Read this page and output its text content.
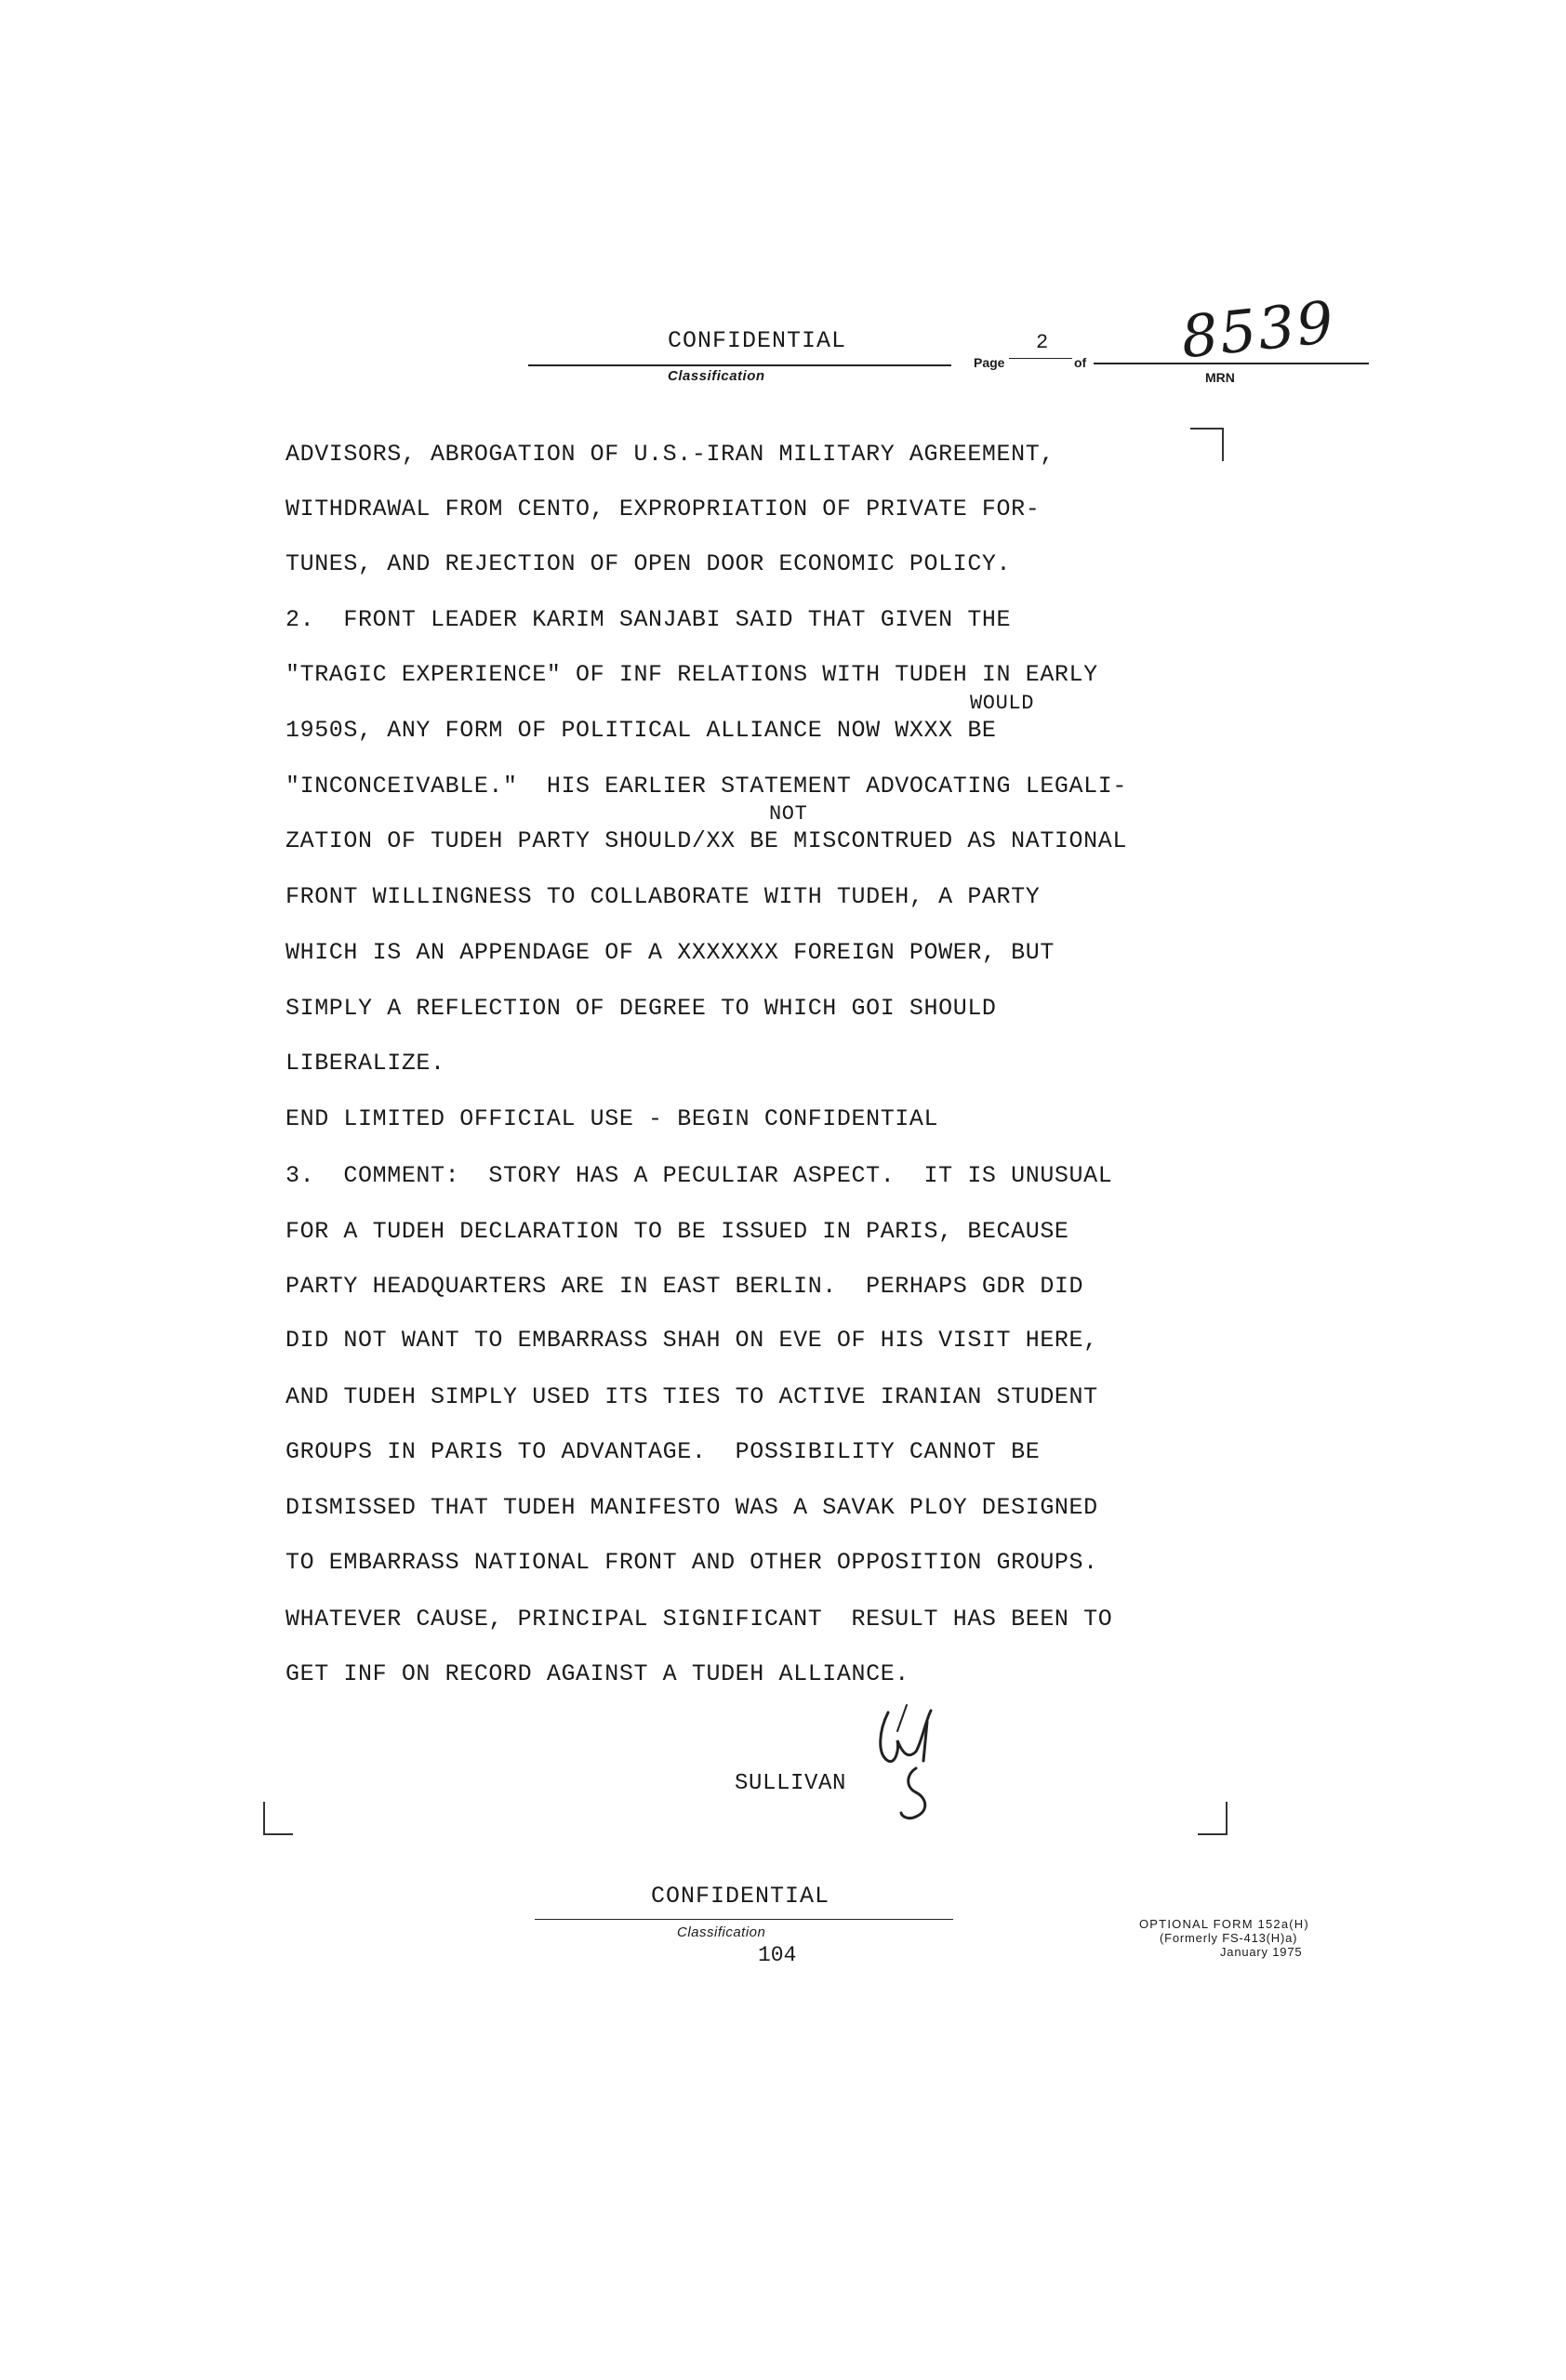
CONFIDENTIAL
Classification
Page
2
of 8539
MRN
ADVISORS, ABROGATION OF U.S.-IRAN MILITARY AGREEMENT,
WITHDRAWAL FROM CENTO, EXPROPRIATION OF PRIVATE FOR-
TUNES, AND REJECTION OF OPEN DOOR ECONOMIC POLICY.
2.  FRONT LEADER KARIM SANJABI SAID THAT GIVEN THE
"TRAGIC EXPERIENCE" OF INF RELATIONS WITH TUDEH IN EARLY
WOULD
1950S, ANY FORM OF POLITICAL ALLIANCE NOW WXXX BE
"INCONCEIVABLE."  HIS EARLIER STATEMENT ADVOCATING LEGALI-
NOT
ZATION OF TUDEH PARTY SHOULD/XX BE MISCONTRUED AS NATIONAL
FRONT WILLINGNESS TO COLLABORATE WITH TUDEH, A PARTY
WHICH IS AN APPENDAGE OF A XXXXXXX FOREIGN POWER, BUT
SIMPLY A REFLECTION OF DEGREE TO WHICH GOI SHOULD
LIBERALIZE.
END LIMITED OFFICIAL USE - BEGIN CONFIDENTIAL
3.  COMMENT:  STORY HAS A PECULIAR ASPECT.  IT IS UNUSUAL
FOR A TUDEH DECLARATION TO BE ISSUED IN PARIS, BECAUSE
PARTY HEADQUARTERS ARE IN EAST BERLIN.  PERHAPS GDR DID
DID NOT WANT TO EMBARRASS SHAH ON EVE OF HIS VISIT HERE,
AND TUDEH SIMPLY USED ITS TIES TO ACTIVE IRANIAN STUDENT
GROUPS IN PARIS TO ADVANTAGE.  POSSIBILITY CANNOT BE
DISMISSED THAT TUDEH MANIFESTO WAS A SAVAK PLOY DESIGNED
TO EMBARRASS NATIONAL FRONT AND OTHER OPPOSITION GROUPS.
WHATEVER CAUSE, PRINCIPAL SIGNIFICANT  RESULT HAS BEEN TO
GET INF ON RECORD AGAINST A TUDEH ALLIANCE.
SULLIVAN
CONFIDENTIAL
Classification
104
OPTIONAL FORM 152a(H)
(Formerly FS-413(H)a)
January 1975
